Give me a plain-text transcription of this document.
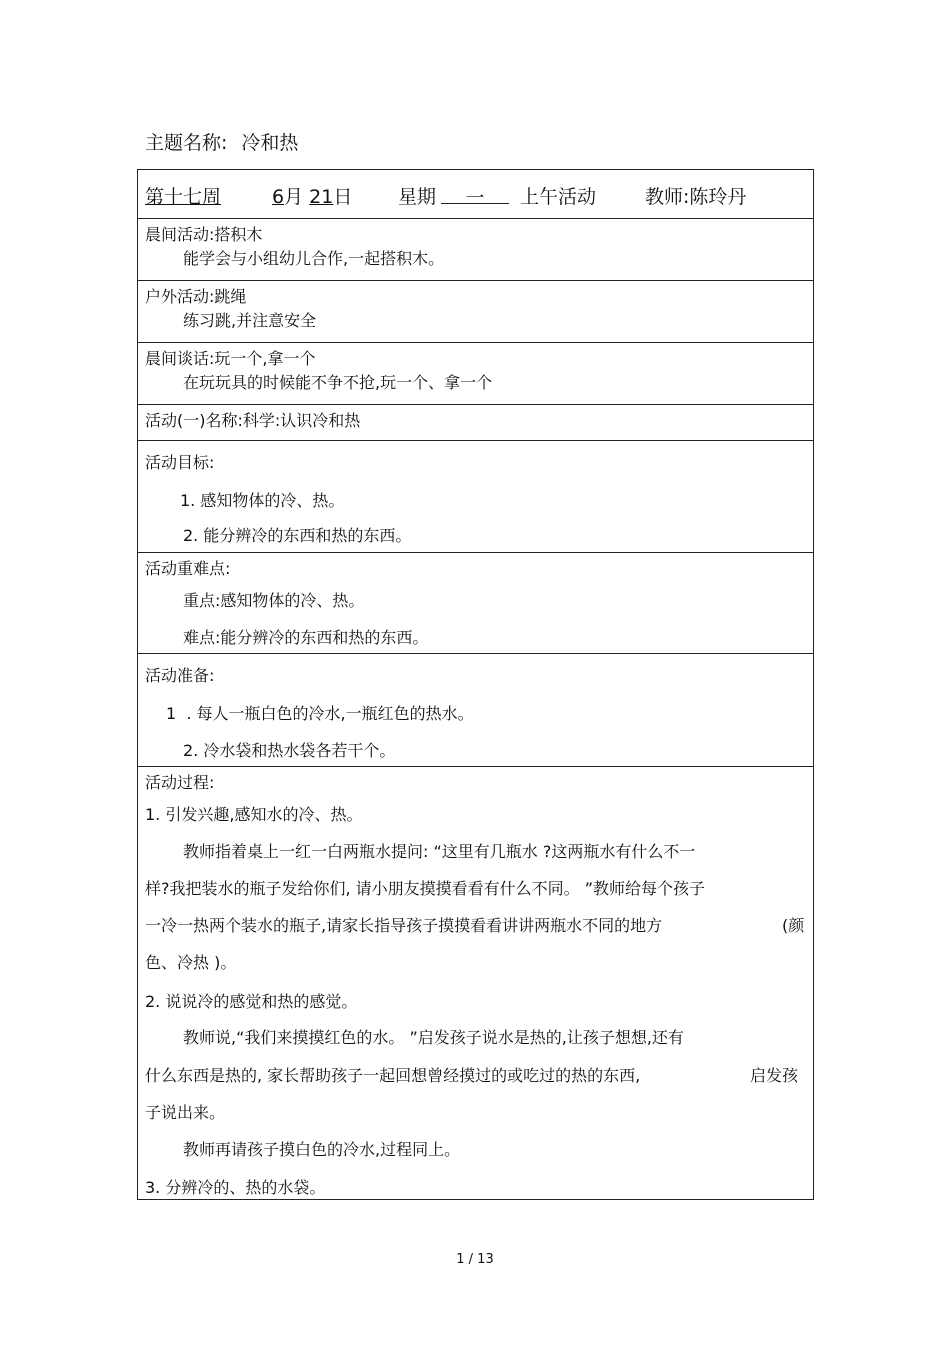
主题名称: 冷和热
第十七周	6月 21日 星期	一	上午活动	教师:陈玲丹
晨间活动:搭积木
能学会与小组幼儿合作,一起搭积木。
户外活动:跳绳
练习跳,并注意安全
晨间谈话:玩一个,拿一个
在玩玩具的时候能不争不抢,玩一个、拿一个
活动(一)名称:科学:认识冷和热
活动目标:
1. 感知物体的冷、热。
2. 能分辨冷的东西和热的东西。
活动重难点:
重点:感知物体的冷、热。
难点:能分辨冷的东西和热的东西。
活动准备:
1  . 每人一瓶白色的冷水,一瓶红色的热水。
2. 冷水袋和热水袋各若干个。
活动过程:
1. 引发兴趣,感知水的冷、热。
教师指着桌上一红一白两瓶水提问: “这里有几瓶水 ?这两瓶水有什么不一
样?我把装水的瓶子发给你们, 请小朋友摸摸看看有什么不同。 ”教师给每个孩子
一冷一热两个装水的瓶子,请家长指导孩子摸摸看看讲讲两瓶水不同的地方	(颜
色、冷热 )。
2. 说说冷的感觉和热的感觉。
教师说,“我们来摸摸红色的水。 ”启发孩子说水是热的,让孩子想想,还有
什么东西是热的, 家长帮助孩子一起回想曾经摸过的或吃过的热的东西,	启发孩
子说出来。
教师再请孩子摸白色的冷水,过程同上。
3. 分辨冷的、热的水袋。
1 / 13
